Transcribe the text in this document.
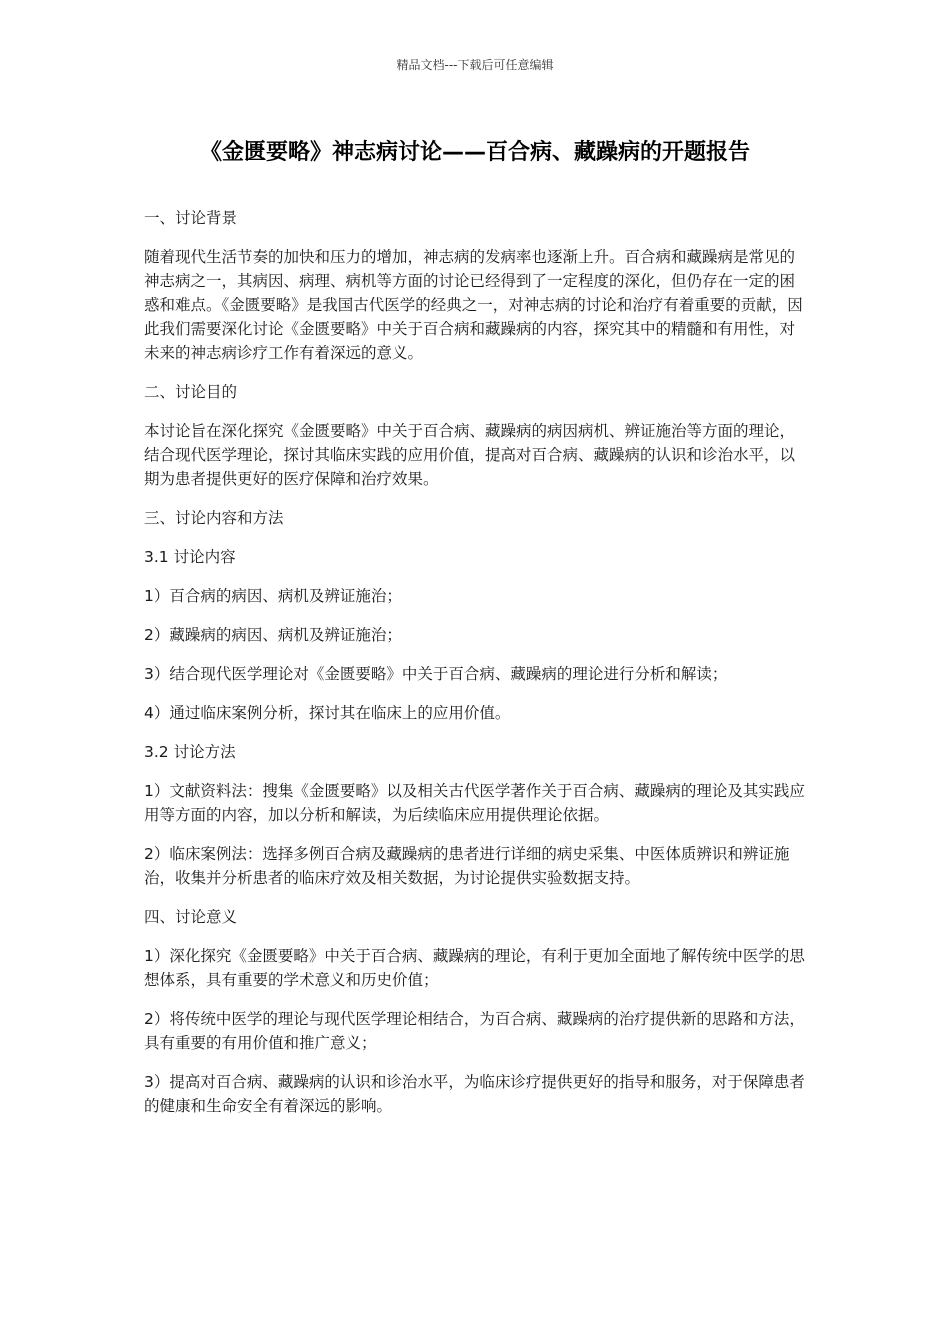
精品文档---下载后可任意编辑
《金匮要略》神志病讨论——百合病、藏躁病的开题报告

一、讨论背景

随着现代生活节奏的加快和压力的增加，神志病的发病率也逐渐上升。百合病和藏躁病是常见的神志病之一，其病因、病理、病机等方面的讨论已经得到了一定程度的深化，但仍存在一定的困惑和难点。《金匮要略》是我国古代医学的经典之一，对神志病的讨论和治疗有着重要的贡献，因此我们需要深化讨论《金匮要略》中关于百合病和藏躁病的内容，探究其中的精髓和有用性，对未来的神志病诊疗工作有着深远的意义。

二、讨论目的

本讨论旨在深化探究《金匮要略》中关于百合病、藏躁病的病因病机、辨证施治等方面的理论，结合现代医学理论，探讨其临床实践的应用价值，提高对百合病、藏躁病的认识和诊治水平，以期为患者提供更好的医疗保障和治疗效果。

三、讨论内容和方法

3.1 讨论内容

1）百合病的病因、病机及辨证施治；

2）藏躁病的病因、病机及辨证施治；

3）结合现代医学理论对《金匮要略》中关于百合病、藏躁病的理论进行分析和解读；

4）通过临床案例分析，探讨其在临床上的应用价值。

3.2 讨论方法

1）文献资料法：搜集《金匮要略》以及相关古代医学著作关于百合病、藏躁病的理论及其实践应用等方面的内容，加以分析和解读，为后续临床应用提供理论依据。

2）临床案例法：选择多例百合病及藏躁病的患者进行详细的病史采集、中医体质辨识和辨证施治，收集并分析患者的临床疗效及相关数据，为讨论提供实验数据支持。

四、讨论意义

1）深化探究《金匮要略》中关于百合病、藏躁病的理论，有利于更加全面地了解传统中医学的思想体系，具有重要的学术意义和历史价值；

2）将传统中医学的理论与现代医学理论相结合，为百合病、藏躁病的治疗提供新的思路和方法，具有重要的有用价值和推广意义；

3）提高对百合病、藏躁病的认识和诊治水平，为临床诊疗提供更好的指导和服务，对于保障患者的健康和生命安全有着深远的影响。
